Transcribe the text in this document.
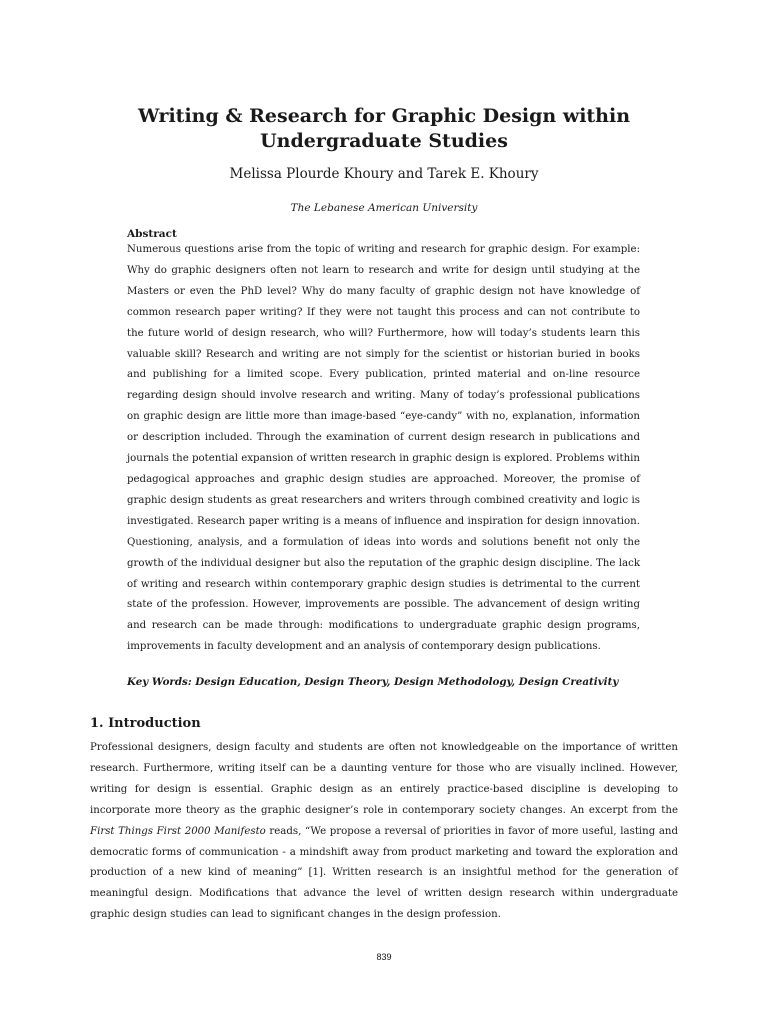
Writing & Research for Graphic Design within
Undergraduate Studies

Melissa Plourde Khoury and Tarek E. Khoury

The Lebanese American University

Abstract

Numerous questions arise from the topic of writing and research for graphic design. For example: Why do graphic designers often not learn to research and write for design until studying at the Masters or even the PhD level? Why do many faculty of graphic design not have knowledge of common research paper writing? If they were not taught this process and can not contribute to the future world of design research, who will? Furthermore, how will today’s students learn this valuable skill? Research and writing are not simply for the scientist or historian buried in books and publishing for a limited scope. Every publication, printed material and on-line resource regarding design should involve research and writing. Many of today’s professional publications on graphic design are little more than image-based “eye-candy” with no, explanation, information or description included. Through the examination of current design research in publications and journals the potential expansion of written research in graphic design is explored. Problems within pedagogical approaches and graphic design studies are approached. Moreover, the promise of graphic design students as great researchers and writers through combined creativity and logic is investigated. Research paper writing is a means of influence and inspiration for design innovation. Questioning, analysis, and a formulation of ideas into words and solutions benefit not only the growth of the individual designer but also the reputation of the graphic design discipline. The lack of writing and research within contemporary graphic design studies is detrimental to the current state of the profession. However, improvements are possible. The advancement of design writing and research can be made through: modifications to undergraduate graphic design programs, improvements in faculty development and an analysis of contemporary design publications.

Key Words: Design Education, Design Theory, Design Methodology, Design Creativity

1. Introduction

Professional designers, design faculty and students are often not knowledgeable on the importance of written research. Furthermore, writing itself can be a daunting venture for those who are visually inclined. However, writing for design is essential. Graphic design as an entirely practice-based discipline is developing to incorporate more theory as the graphic designer’s role in contemporary society changes. An excerpt from the First Things First 2000 Manifesto reads, “We propose a reversal of priorities in favor of more useful, lasting and democratic forms of communication - a mindshift away from product marketing and toward the exploration and production of a new kind of meaning” [1]. Written research is an insightful method for the generation of meaningful design. Modifications that advance the level of written design research within undergraduate graphic design studies can lead to significant changes in the design profession.

839
